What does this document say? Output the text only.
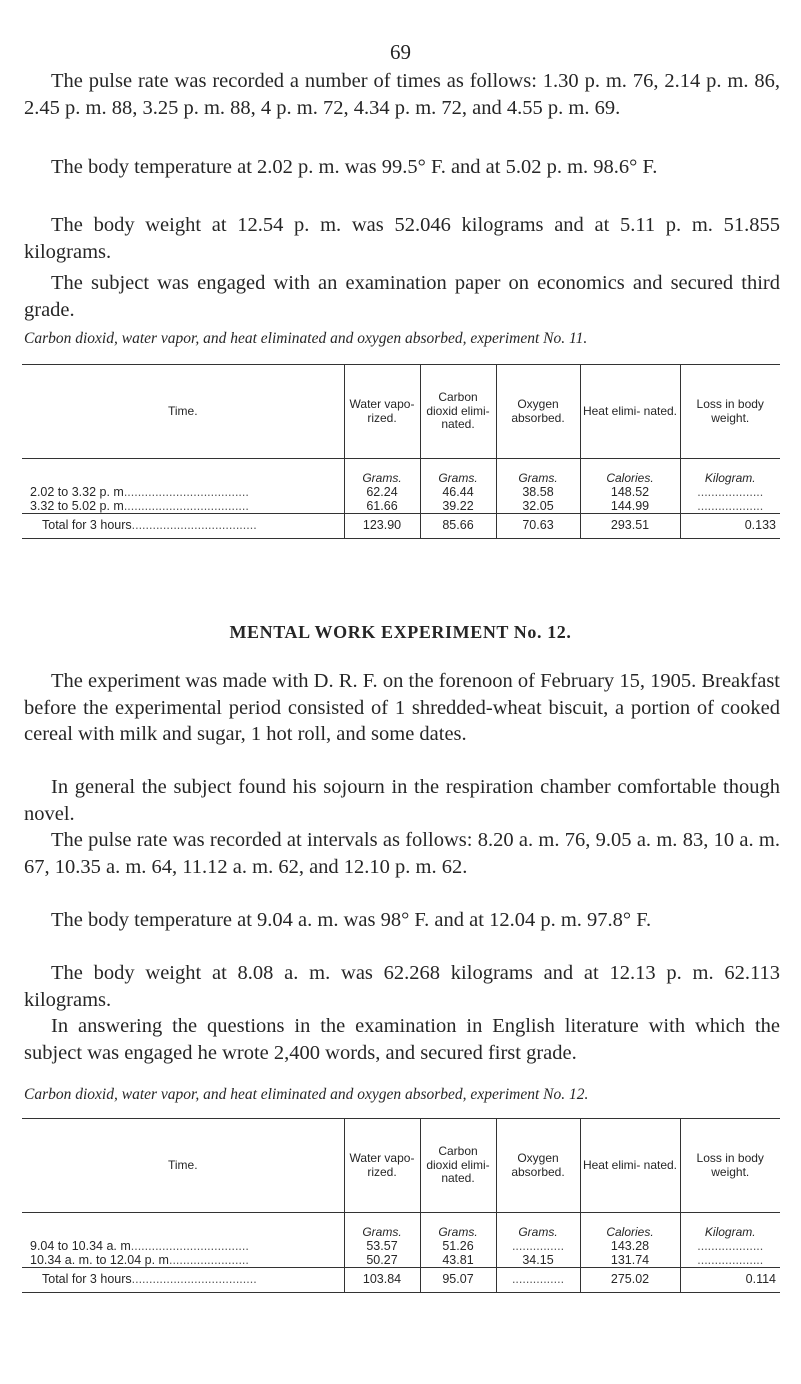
69

The pulse rate was recorded a number of times as follows: 1.30 p. m. 76, 2.14 p. m. 86, 2.45 p. m. 88, 3.25 p. m. 88, 4 p. m. 72, 4.34 p. m. 72, and 4.55 p. m. 69.

The body temperature at 2.02 p. m. was 99.5° F. and at 5.02 p. m. 98.6° F.

The body weight at 12.54 p. m. was 52.046 kilograms and at 5.11 p. m. 51.855 kilograms.

The subject was engaged with an examination paper on economics and secured third grade.

Carbon dioxid, water vapor, and heat eliminated and oxygen absorbed, experiment No. 11.

Time.	Water vapo- rized.	Carbon dioxid elimi- nated.	Oxygen absorbed.	Heat elimi- nated.	Loss in body weight.
	Grams.	Grams.	Grams.	Calories.	Kilogram.
2.02 to 3.32 p. m....................................	62.24	46.44	38.58	148.52	...................
3.32 to 5.02 p. m....................................	61.66	39.22	32.05	144.99	...................
Total for 3 hours....................................	123.90	85.66	70.63	293.51	0.133
MENTAL WORK EXPERIMENT No. 12.

The experiment was made with D. R. F. on the forenoon of February 15, 1905. Breakfast before the experimental period consisted of 1 shredded-wheat biscuit, a portion of cooked cereal with milk and sugar, 1 hot roll, and some dates.

In general the subject found his sojourn in the respiration chamber comfortable though novel.

The pulse rate was recorded at intervals as follows: 8.20 a. m. 76, 9.05 a. m. 83, 10 a. m. 67, 10.35 a. m. 64, 11.12 a. m. 62, and 12.10 p. m. 62.

The body temperature at 9.04 a. m. was 98° F. and at 12.04 p. m. 97.8° F.

The body weight at 8.08 a. m. was 62.268 kilograms and at 12.13 p. m. 62.113 kilograms.

In answering the questions in the examination in English literature with which the subject was engaged he wrote 2,400 words, and secured first grade.

Carbon dioxid, water vapor, and heat eliminated and oxygen absorbed, experiment No. 12.

Time.	Water vapo- rized.	Carbon dioxid elimi- nated.	Oxygen absorbed.	Heat elimi- nated.	Loss in body weight.
	Grams.	Grams.	Grams.	Calories.	Kilogram.
9.04 to 10.34 a. m..................................	53.57	51.26	...............	143.28	...................
10.34 a. m. to 12.04 p. m.......................	50.27	43.81	34.15	131.74	...................
Total for 3 hours....................................	103.84	95.07	...............	275.02	0.114
